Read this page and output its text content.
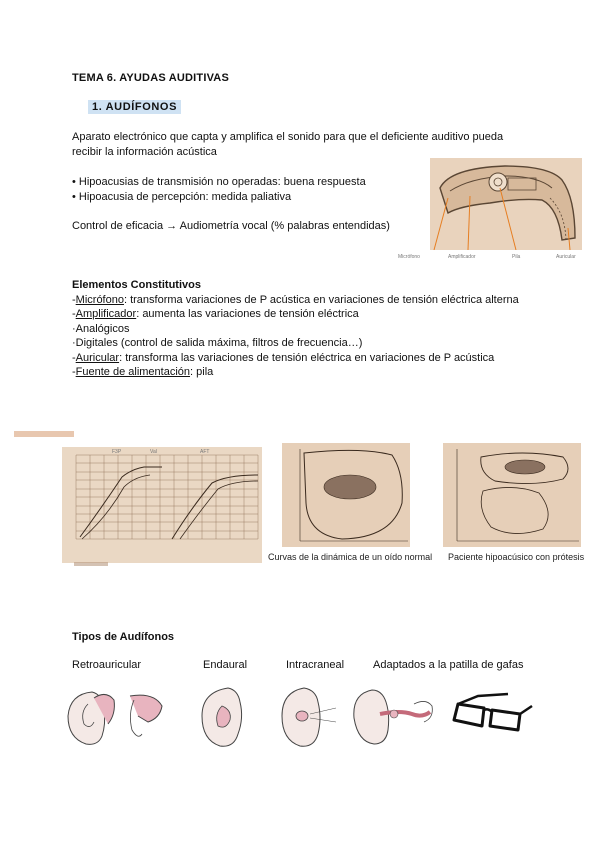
TEMA 6. AYUDAS AUDITIVAS
1. AUDÍFONOS
Aparato electrónico que capta y amplifica el sonido para que el deficiente auditivo pueda
recibir la información acústica
• Hipoacusias de transmisión no operadas: buena respuesta
• Hipoacusia de percepción: medida paliativa
Control de eficacia → Audiometría vocal (% palabras entendidas)
Micrófono	Amplificador	Pila	Auricular
Elementos Constitutivos
-Micrófono: transforma variaciones de P acústica en variaciones de tensión eléctrica alterna
-Amplificador: aumenta las variaciones de tensión eléctrica
·Analógicos
·Digitales (control de salida máxima, filtros de frecuencia…)
-Auricular: transforma las variaciones de tensión eléctrica en variaciones de P acústica
-Fuente de alimentación: pila
F3P	Val	AFT
Curvas de la dinámica de un oído normal Paciente hipoacúsico con prótesis
Tipos de Audífonos
Retroauricular	Endaural	Intracraneal	Adaptados a la patilla de gafas
